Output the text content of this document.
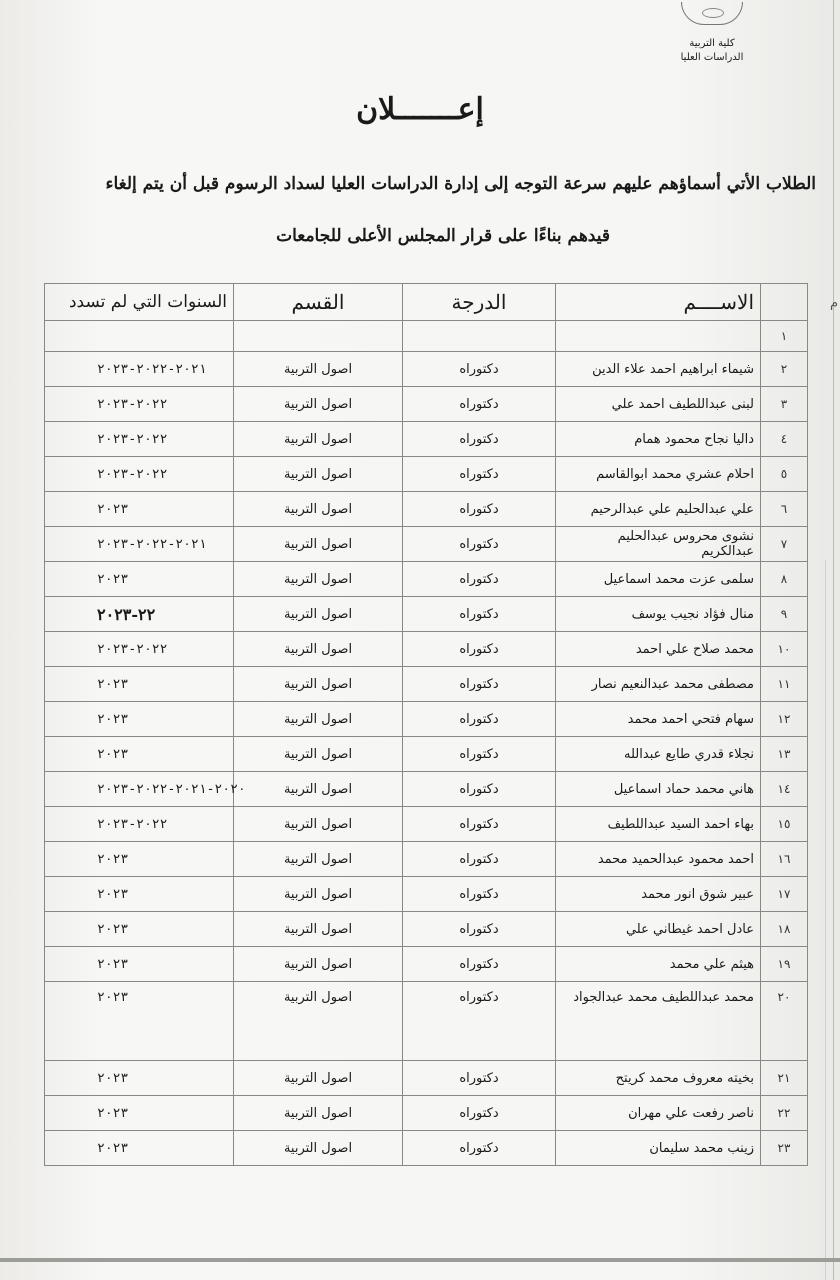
كلية التربية
الدراسات العليا
إعـــــــلان
الطلاب الأتي أسماؤهم عليهم سرعة التوجه إلى إدارة الدراسات العليا لسداد الرسوم قبل أن يتم إلغاء
قيدهم بناءًا على قرار المجلس الأعلى للجامعات
م
	الاســــم	الدرجة	القسم	السنوات التي لم تسدد
١				
٢	شيماء ابراهيم احمد علاء الدين	دكتوراه	اصول التربية	٢٠٢١-٢٠٢٢-٢٠٢٣
٣	لبنى عبداللطيف احمد علي	دكتوراه	اصول التربية	٢٠٢٢-٢٠٢٣
٤	داليا نجاح محمود همام	دكتوراه	اصول التربية	٢٠٢٢-٢٠٢٣
٥	احلام عشري محمد ابوالقاسم	دكتوراه	اصول التربية	٢٠٢٢-٢٠٢٣
٦	علي عبدالحليم علي عبدالرحيم	دكتوراه	اصول التربية	٢٠٢٣
٧	نشوى محروس عبدالحليم عبدالكريم	دكتوراه	اصول التربية	٢٠٢١-٢٠٢٢-٢٠٢٣
٨	سلمى عزت محمد اسماعيل	دكتوراه	اصول التربية	٢٠٢٣
٩	منال فؤاد نجيب يوسف	دكتوراه	اصول التربية	٢٢-٢٠٢٣
١٠	محمد صلاح علي احمد	دكتوراه	اصول التربية	٢٠٢٢-٢٠٢٣
١١	مصطفى محمد عبدالنعيم نصار	دكتوراه	اصول التربية	٢٠٢٣
١٢	سهام فتحي احمد محمد	دكتوراه	اصول التربية	٢٠٢٣
١٣	نجلاء قدري طايع عبدالله	دكتوراه	اصول التربية	٢٠٢٣
١٤	هاني محمد حماد اسماعيل	دكتوراه	اصول التربية	٢٠٢٠-٢٠٢١-٢٠٢٢-٢٠٢٣
١٥	بهاء احمد السيد عبداللطيف	دكتوراه	اصول التربية	٢٠٢٢-٢٠٢٣
١٦	احمد محمود عبدالحميد محمد	دكتوراه	اصول التربية	٢٠٢٣
١٧	عبير شوق انور محمد	دكتوراه	اصول التربية	٢٠٢٣
١٨	عادل احمد غيطاني علي	دكتوراه	اصول التربية	٢٠٢٣
١٩	هيثم علي محمد	دكتوراه	اصول التربية	٢٠٢٣
٢٠	محمد عبداللطيف محمد عبدالجواد	دكتوراه	اصول التربية	٢٠٢٣
٢١	بخيته معروف محمد كريتح	دكتوراه	اصول التربية	٢٠٢٣
٢٢	ناصر رفعت علي مهران	دكتوراه	اصول التربية	٢٠٢٣
٢٣	زينب محمد سليمان	دكتوراه	اصول التربية	٢٠٢٣
